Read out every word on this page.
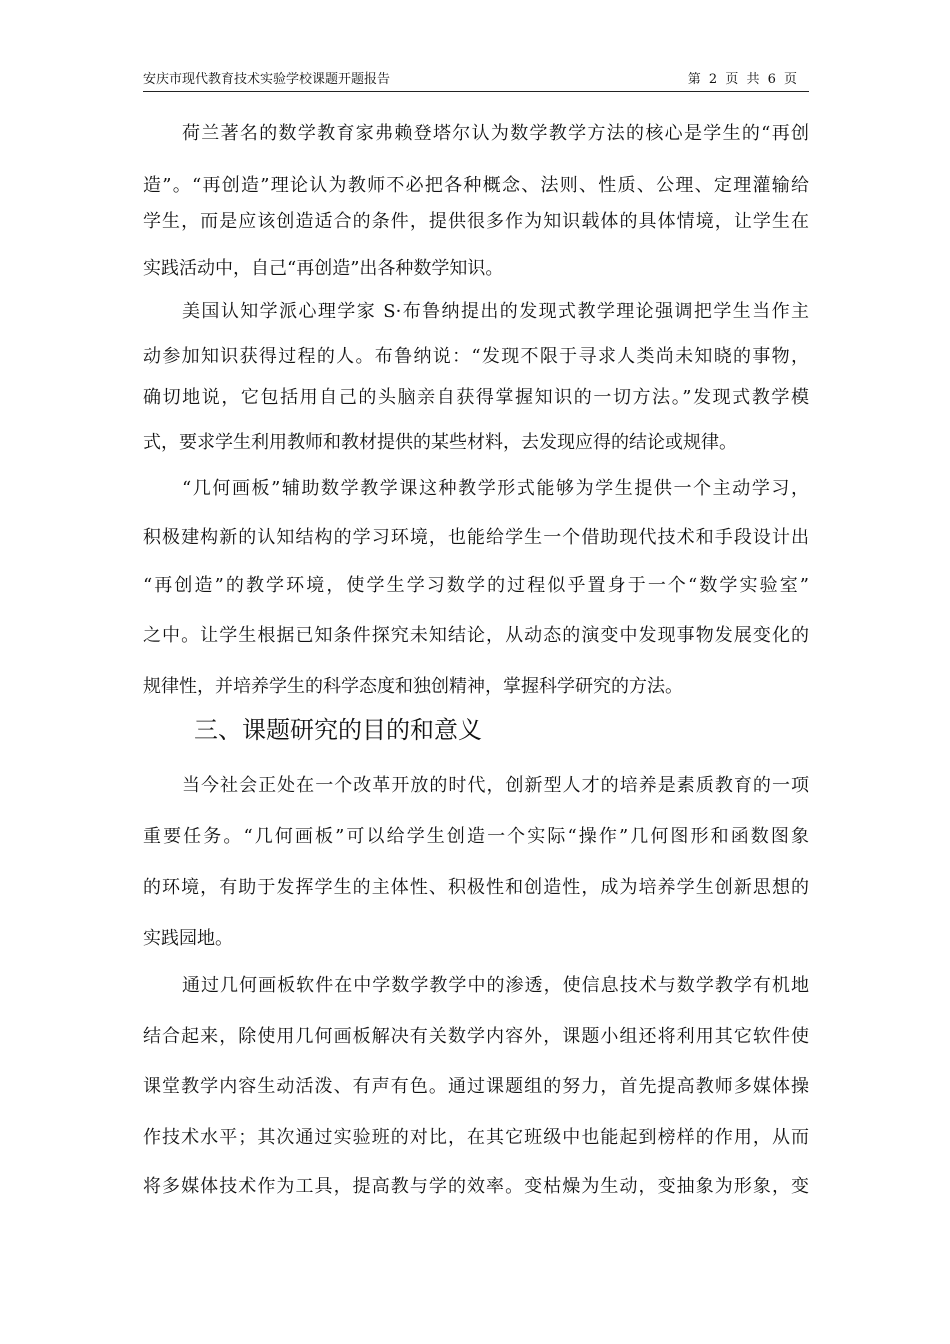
安庆市现代教育技术实验学校课题开题报告	第 2 页 共 6 页
荷兰著名的数学教育家弗赖登塔尔认为数学教学方法的核心是学生的“再创
造”。“再创造”理论认为教师不必把各种概念、法则、性质、公理、定理灌输给
学生，而是应该创造适合的条件，提供很多作为知识载体的具体情境，让学生在
实践活动中，自己“再创造”出各种数学知识。
美国认知学派心理学家 S·布鲁纳提出的发现式教学理论强调把学生当作主
动参加知识获得过程的人。布鲁纳说：“发现不限于寻求人类尚未知晓的事物，
确切地说，它包括用自己的头脑亲自获得掌握知识的一切方法。”发现式教学模
式，要求学生利用教师和教材提供的某些材料，去发现应得的结论或规律。
“几何画板”辅助数学教学课这种教学形式能够为学生提供一个主动学习，
积极建构新的认知结构的学习环境，也能给学生一个借助现代技术和手段设计出
“再创造”的教学环境，使学生学习数学的过程似乎置身于一个“数学实验室”
之中。让学生根据已知条件探究未知结论，从动态的演变中发现事物发展变化的
规律性，并培养学生的科学态度和独创精神，掌握科学研究的方法。
三、课题研究的目的和意义
当今社会正处在一个改革开放的时代，创新型人才的培养是素质教育的一项
重要任务。“几何画板”可以给学生创造一个实际“操作”几何图形和函数图象
的环境，有助于发挥学生的主体性、积极性和创造性，成为培养学生创新思想的
实践园地。
通过几何画板软件在中学数学教学中的渗透，使信息技术与数学教学有机地
结合起来，除使用几何画板解决有关数学内容外，课题小组还将利用其它软件使
课堂教学内容生动活泼、有声有色。通过课题组的努力，首先提高教师多媒体操
作技术水平；其次通过实验班的对比，在其它班级中也能起到榜样的作用，从而
将多媒体技术作为工具，提高教与学的效率。变枯燥为生动，变抽象为形象，变
